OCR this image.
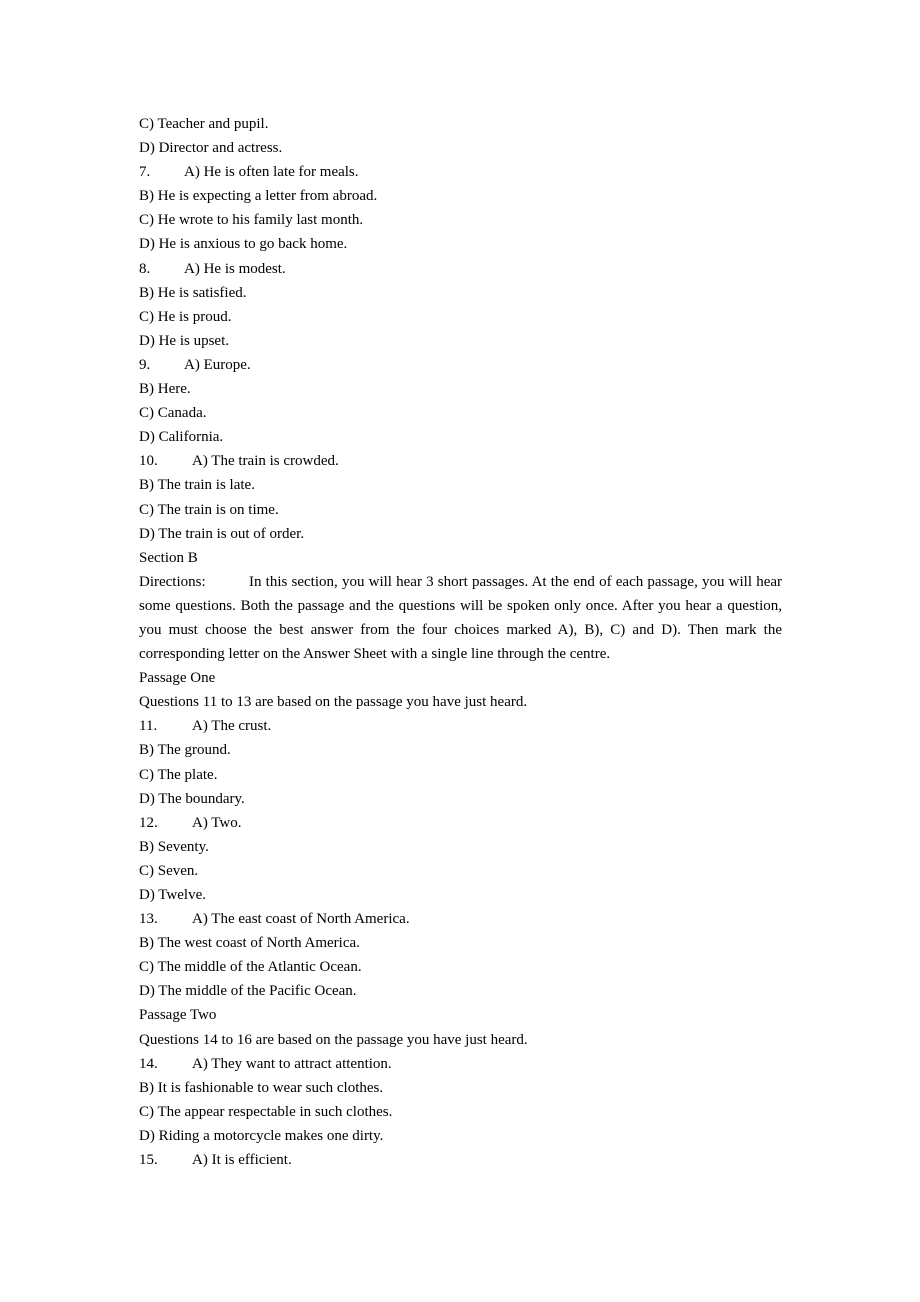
C) Teacher and pupil.
D) Director and actress.
7. A) He is often late for meals.
B) He is expecting a letter from abroad.
C) He wrote to his family last month.
D) He is anxious to go back home.
8. A) He is modest.
B) He is satisfied.
C) He is proud.
D) He is upset.
9. A) Europe.
B) Here.
C) Canada.
D) California.
10. A) The train is crowded.
B) The train is late.
C) The train is on time.
D) The train is out of order.
Section B
Directions:	In this section, you will hear 3 short passages. At the end of each passage, you will hear some questions. Both the passage and the questions will be spoken only once. After you hear a question, you must choose the best answer from the four choices marked A), B), C) and D). Then mark the corresponding letter on the Answer Sheet with a single line through the centre.
Passage One
Questions 11 to 13 are based on the passage you have just heard.
11. A) The crust.
B) The ground.
C) The plate.
D) The boundary.
12. A) Two.
B) Seventy.
C) Seven.
D) Twelve.
13. A) The east coast of North America.
B) The west coast of North America.
C) The middle of the Atlantic Ocean.
D) The middle of the Pacific Ocean.
Passage Two
Questions 14 to 16 are based on the passage you have just heard.
14. A) They want to attract attention.
B) It is fashionable to wear such clothes.
C) The appear respectable in such clothes.
D) Riding a motorcycle makes one dirty.
15. A) It is efficient.
